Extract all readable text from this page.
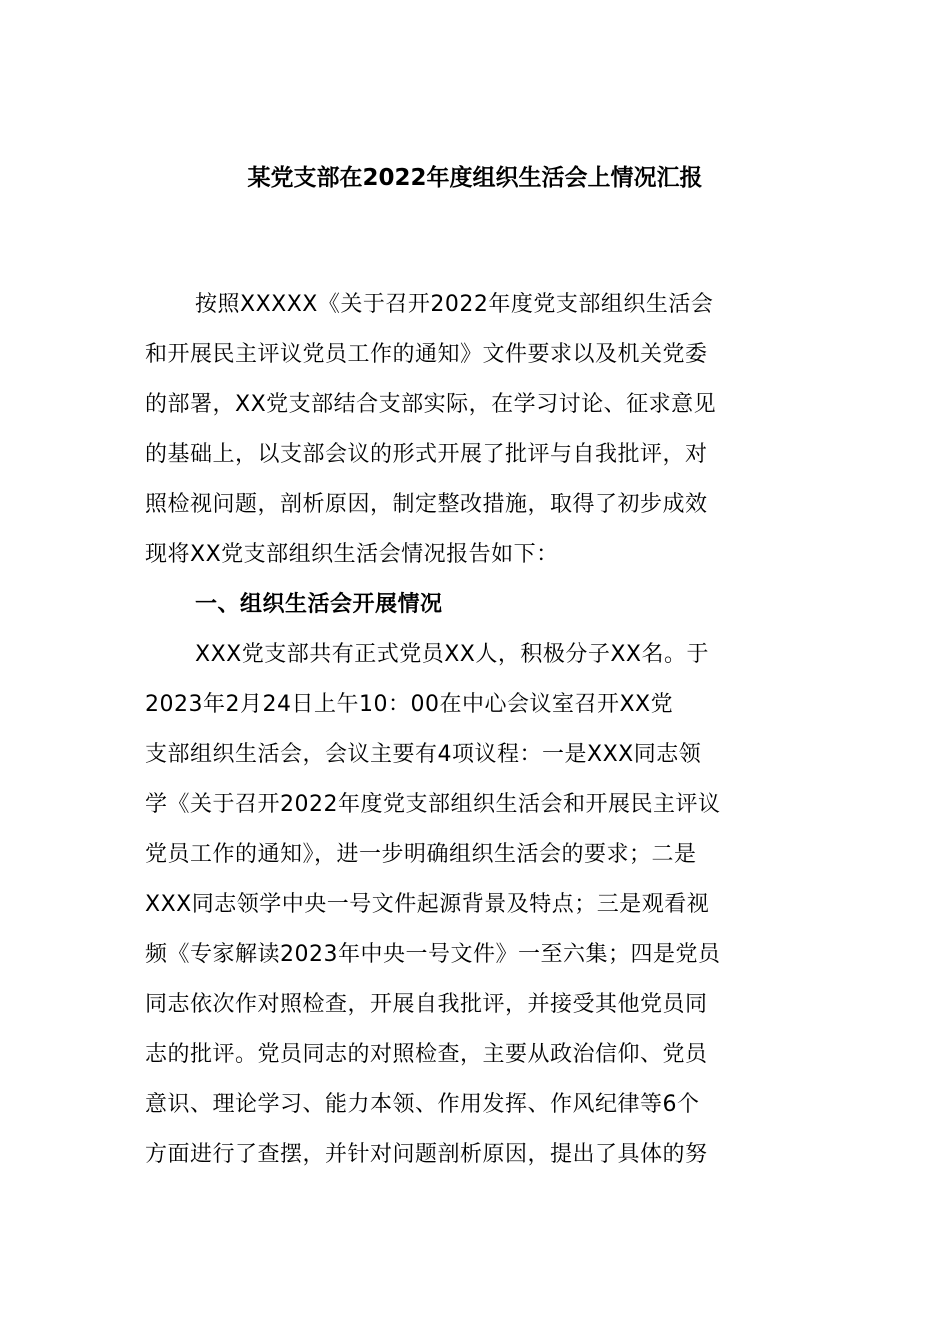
某党支部在2022年度组织生活会上情况汇报
按照XXXXX《关于召开2022年度党支部组织生活会
和开展民主评议党员工作的通知》文件要求以及机关党委
的部署，XX党支部结合支部实际，在学习讨论、征求意见
的基础上，以支部会议的形式开展了批评与自我批评，对
照检视问题，剖析原因，制定整改措施，取得了初步成效
现将XX党支部组织生活会情况报告如下：
一、组织生活会开展情况
XXX党支部共有正式党员XX人，积极分子XX名。于
2023年2月24日上午10：00在中心会议室召开XX党
支部组织生活会，会议主要有4项议程：一是XXX同志领
学《关于召开2022年度党支部组织生活会和开展民主评议
党员工作的通知》，进一步明确组织生活会的要求；二是
XXX同志领学中央一号文件起源背景及特点；三是观看视
频《专家解读2023年中央一号文件》一至六集；四是党员
同志依次作对照检查，开展自我批评，并接受其他党员同
志的批评。党员同志的对照检查，主要从政治信仰、党员
意识、理论学习、能力本领、作用发挥、作风纪律等6个
方面进行了查摆，并针对问题剖析原因，提出了具体的努
